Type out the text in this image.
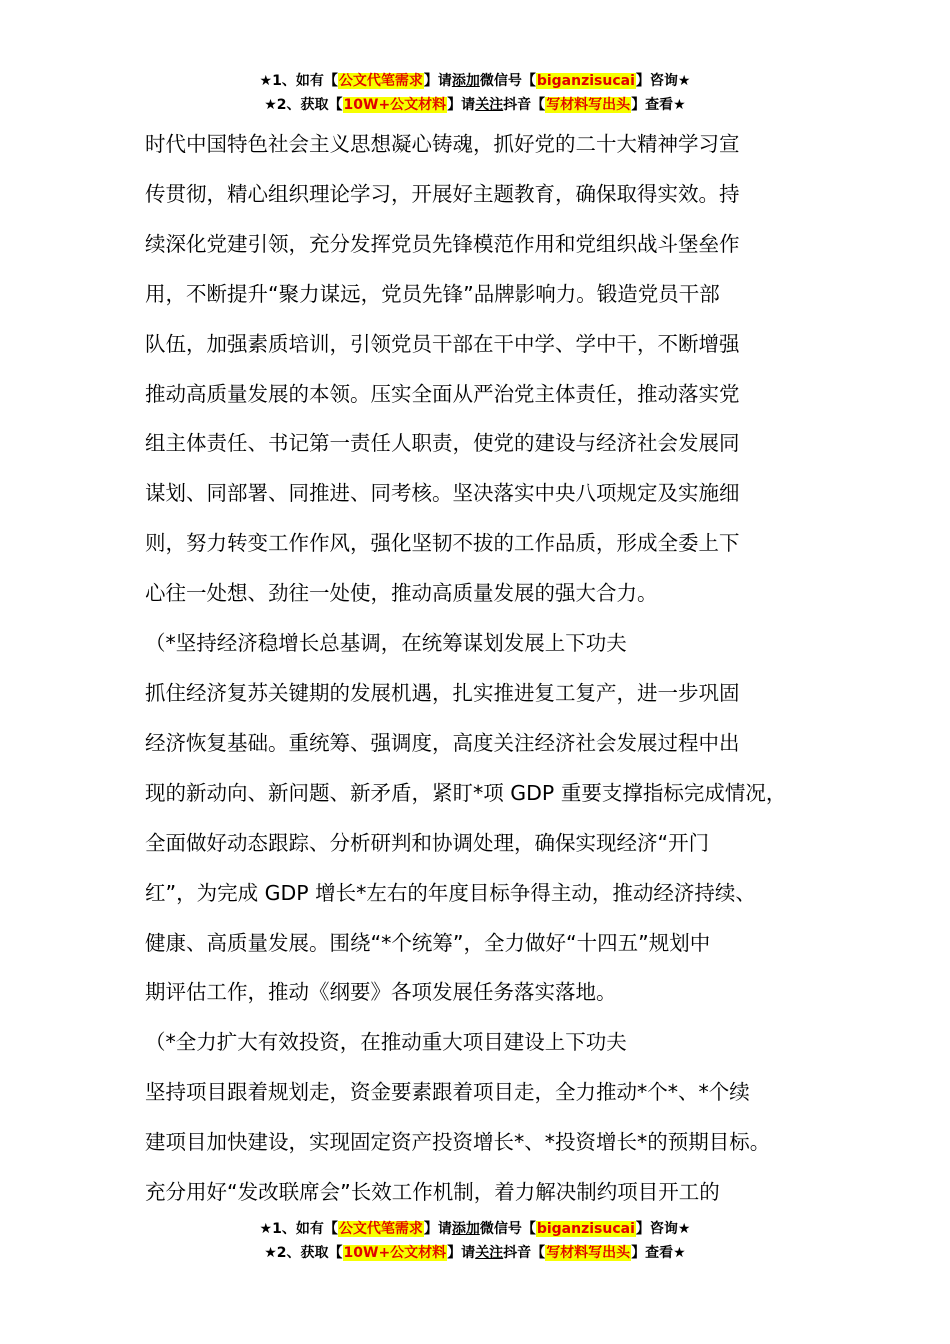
★1、如有【公文代笔需求】请添加微信号【biganzisucai】咨询★
★2、获取【10W+公文材料】请关注抖音【写材料写出头】查看★

时代中国特色社会主义思想凝心铸魂，抓好党的二十大精神学习宣

传贯彻，精心组织理论学习，开展好主题教育，确保取得实效。持

续深化党建引领，充分发挥党员先锋模范作用和党组织战斗堡垒作

用，不断提升“聚力谋远，党员先锋”品牌影响力。锻造党员干部

队伍，加强素质培训，引领党员干部在干中学、学中干，不断增强

推动高质量发展的本领。压实全面从严治党主体责任，推动落实党

组主体责任、书记第一责任人职责，使党的建设与经济社会发展同

谋划、同部署、同推进、同考核。坚决落实中央八项规定及实施细

则，努力转变工作作风，强化坚韧不拔的工作品质，形成全委上下

心往一处想、劲往一处使，推动高质量发展的强大合力。

（*坚持经济稳增长总基调，在统筹谋划发展上下功夫

抓住经济复苏关键期的发展机遇，扎实推进复工复产，进一步巩固

经济恢复基础。重统筹、强调度，高度关注经济社会发展过程中出

现的新动向、新问题、新矛盾，紧盯*项 GDP 重要支撑指标完成情况，

全面做好动态跟踪、分析研判和协调处理，确保实现经济“开门

红”，为完成 GDP 增长*左右的年度目标争得主动，推动经济持续、

健康、高质量发展。围绕“*个统筹”，全力做好“十四五”规划中

期评估工作，推动《纲要》各项发展任务落实落地。

（*全力扩大有效投资，在推动重大项目建设上下功夫

坚持项目跟着规划走，资金要素跟着项目走，全力推动*个*、*个续

建项目加快建设，实现固定资产投资增长*、*投资增长*的预期目标。

充分用好“发改联席会”长效工作机制，着力解决制约项目开工的

★1、如有【公文代笔需求】请添加微信号【biganzisucai】咨询★
★2、获取【10W+公文材料】请关注抖音【写材料写出头】查看★
